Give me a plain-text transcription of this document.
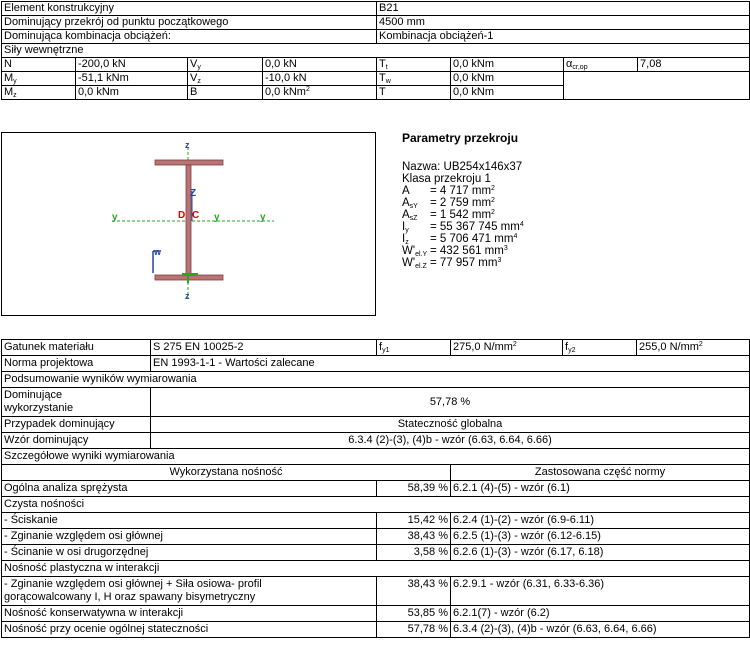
Element konstrukcyjny				B21			
Dominujący przekrój od punktu początkowego				4500 mm			
Dominująca kombinacja obciążeń:				Kombinacja obciążeń-1			
Siły wewnętrzne							
N	-200,0 kN	$V_y$	0,0 kN	$T_t$	0,0 kNm	$\alpha_{cr,op}$	7,08
$M_y$	-51,1 kNm	$V_z$	-10,0 kN	$T_w$	0,0 kNm		
$M_z$	0,0 kNm	B	0,0 kNm$^2$	T	0,0 kNm		
z
Z
z
y	y	y
D C
w
Parametry przekroju
Nazwa: UB254x146x37
Klasa przekroju 1
A	= 4 717 $mm^2$
$A_{sY}$	= 2 759 $mm^2$
$A_{sZ}$	= 1 542 $mm^2$
$I_y$	= 55 367 745 $mm^4$
$I_z$	= 5 706 471 $mm^4$
$W'_{el.Y} = 432$ 561 $mm^3$
$W'_{el.Z} = 77$ 957 $mm^3$
Gatunek materiału	S 275 EN 10025-2	$f_{y1}$	275,0 $N/mm^2$	$f_{y2}$	255,0 $N/mm^2$
Norma projektowa	EN 1993-1-1 - Wartości zalecane				
Podsumowanie wyników wymiarowania					
Dominujące
wykorzystanie	57,78 %				
Przypadek dominujący	Stateczność globalna				
Wzór dominujący	6.3.4 (2)-(3), (4)b - wzór (6.63, 6.64, 6.66)				
Szczegółowe wyniki wymiarowania					
Wykorzystana nośność			Zastosowana część normy		
Ogólna analiza sprężysta		58,39 %	6.2.1 (4)-(5) - wzór (6.1)		
Czysta nośności					
- Ściskanie		15,42 %	6.2.4 (1)-(2) - wzór (6.9-6.11)		
- Zginanie względem osi głównej		38,43 %	6.2.5 (1)-(3) - wzór (6.12-6.15)		
- Ścinanie w osi drugorzędnej		3,58 %	6.2.6 (1)-(3) - wzór (6.17, 6.18)		
Nośność plastyczna w interakcji					
- Zginanie względem osi głównej + Siła osiowa- profil
gorącowalcowany I, H oraz spawany bisymetryczny		38,43 %	6.2.9.1 - wzór (6.31, 6.33-6.36)		
Nośność konserwatywna w interakcji		53,85 %	6.2.1(7) - wzór (6.2)		
Nośność przy ocenie ogólnej stateczności		57,78 %	6.3.4 (2)-(3), (4)b - wzór (6.63, 6.64, 6.66)		
